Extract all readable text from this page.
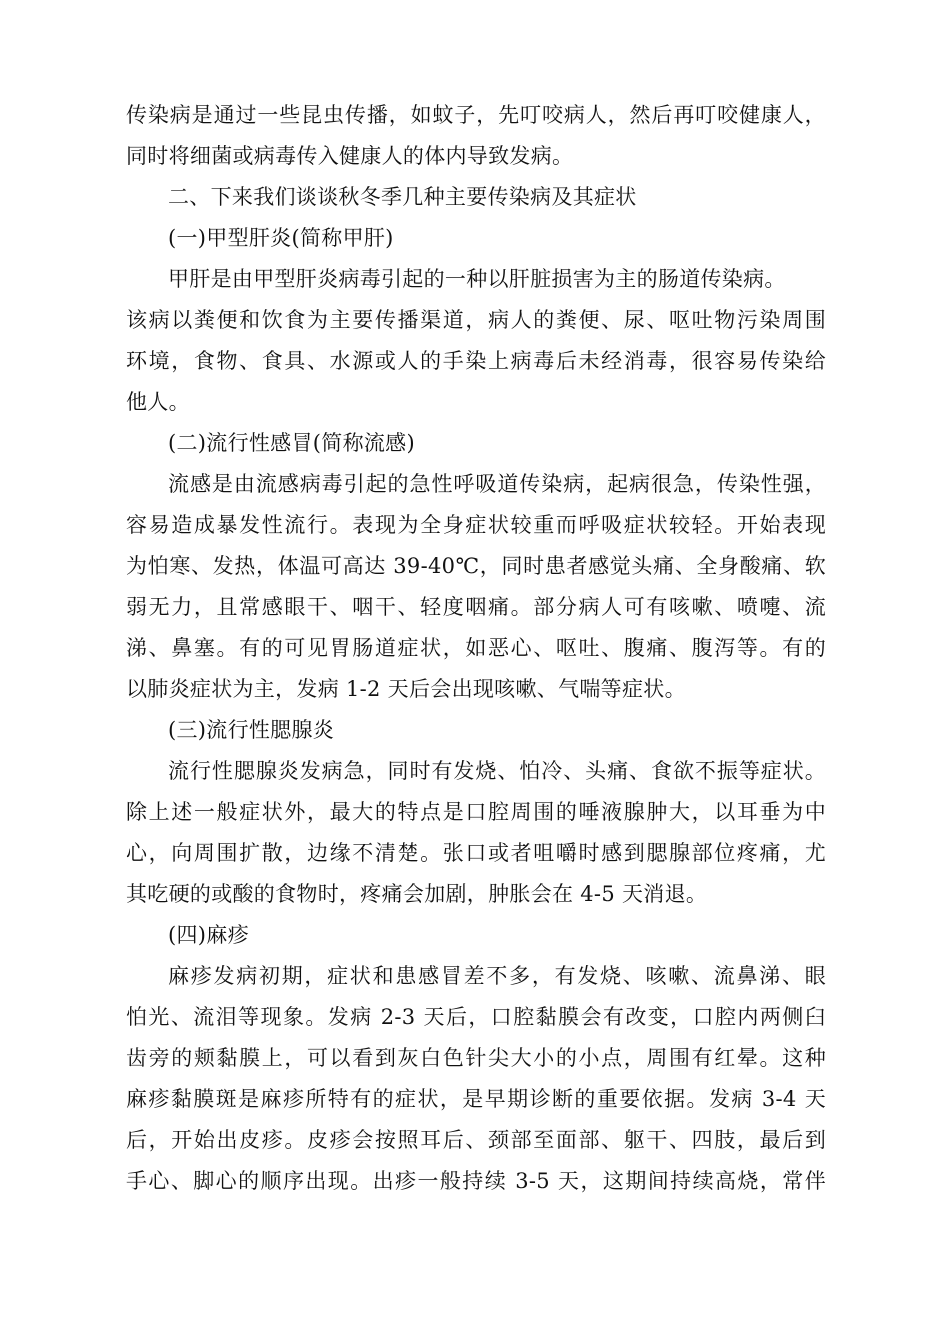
传染病是通过一些昆虫传播，如蚊子，先叮咬病人，然后再叮咬健康人，
同时将细菌或病毒传入健康人的体内导致发病。
二、下来我们谈谈秋冬季几种主要传染病及其症状
(一)甲型肝炎(简称甲肝)
甲肝是由甲型肝炎病毒引起的一种以肝脏损害为主的肠道传染病。
该病以粪便和饮食为主要传播渠道，病人的粪便、尿、呕吐物污染周围
环境，食物、食具、水源或人的手染上病毒后未经消毒，很容易传染给
他人。
(二)流行性感冒(简称流感)
流感是由流感病毒引起的急性呼吸道传染病，起病很急，传染性强，
容易造成暴发性流行。表现为全身症状较重而呼吸症状较轻。开始表现
为怕寒、发热，体温可高达 39-40℃，同时患者感觉头痛、全身酸痛、软
弱无力，且常感眼干、咽干、轻度咽痛。部分病人可有咳嗽、喷嚏、流
涕、鼻塞。有的可见胃肠道症状，如恶心、呕吐、腹痛、腹泻等。有的
以肺炎症状为主，发病 1-2 天后会出现咳嗽、气喘等症状。
(三)流行性腮腺炎
流行性腮腺炎发病急，同时有发烧、怕冷、头痛、食欲不振等症状。
除上述一般症状外，最大的特点是口腔周围的唾液腺肿大，以耳垂为中
心，向周围扩散，边缘不清楚。张口或者咀嚼时感到腮腺部位疼痛，尤
其吃硬的或酸的食物时，疼痛会加剧，肿胀会在 4-5 天消退。
(四)麻疹
麻疹发病初期，症状和患感冒差不多，有发烧、咳嗽、流鼻涕、眼
怕光、流泪等现象。发病 2-3 天后，口腔黏膜会有改变，口腔内两侧臼
齿旁的颊黏膜上，可以看到灰白色针尖大小的小点，周围有红晕。这种
麻疹黏膜斑是麻疹所特有的症状，是早期诊断的重要依据。发病 3-4 天
后，开始出皮疹。皮疹会按照耳后、颈部至面部、躯干、四肢，最后到
手心、脚心的顺序出现。出疹一般持续 3-5 天，这期间持续高烧，常伴
